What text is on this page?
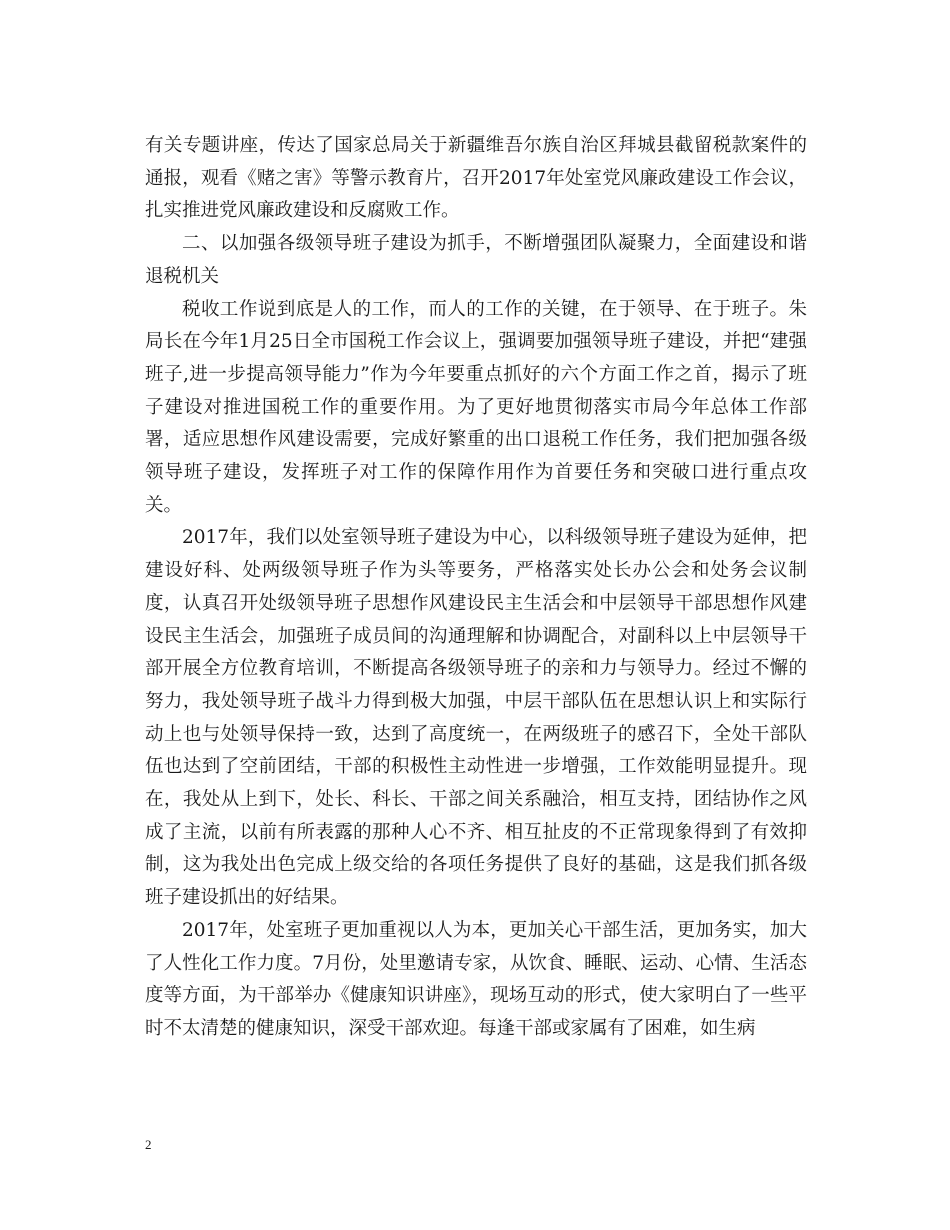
有关专题讲座，传达了国家总局关于新疆维吾尔族自治区拜城县截留税款案件的通报，观看《赌之害》等警示教育片，召开2017年处室党风廉政建设工作会议，扎实推进党风廉政建设和反腐败工作。

二、以加强各级领导班子建设为抓手，不断增强团队凝聚力，全面建设和谐退税机关

税收工作说到底是人的工作，而人的工作的关键，在于领导、在于班子。朱局长在今年1月25日全市国税工作会议上，强调要加强领导班子建设，并把“建强班子,进一步提高领导能力”作为今年要重点抓好的六个方面工作之首，揭示了班子建设对推进国税工作的重要作用。为了更好地贯彻落实市局今年总体工作部署，适应思想作风建设需要，完成好繁重的出口退税工作任务，我们把加强各级领导班子建设，发挥班子对工作的保障作用作为首要任务和突破口进行重点攻关。

2017年，我们以处室领导班子建设为中心，以科级领导班子建设为延伸，把建设好科、处两级领导班子作为头等要务，严格落实处长办公会和处务会议制度，认真召开处级领导班子思想作风建设民主生活会和中层领导干部思想作风建设民主生活会，加强班子成员间的沟通理解和协调配合，对副科以上中层领导干部开展全方位教育培训，不断提高各级领导班子的亲和力与领导力。经过不懈的努力，我处领导班子战斗力得到极大加强，中层干部队伍在思想认识上和实际行动上也与处领导保持一致，达到了高度统一，在两级班子的感召下，全处干部队伍也达到了空前团结，干部的积极性主动性进一步增强，工作效能明显提升。现在，我处从上到下，处长、科长、干部之间关系融洽，相互支持，团结协作之风成了主流，以前有所表露的那种人心不齐、相互扯皮的不正常现象得到了有效抑制，这为我处出色完成上级交给的各项任务提供了良好的基础，这是我们抓各级班子建设抓出的好结果。

2017年，处室班子更加重视以人为本，更加关心干部生活，更加务实，加大了人性化工作力度。7月份，处里邀请专家，从饮食、睡眠、运动、心情、生活态度等方面，为干部举办《健康知识讲座》，现场互动的形式，使大家明白了一些平时不太清楚的健康知识，深受干部欢迎。每逢干部或家属有了困难，如生病

2
